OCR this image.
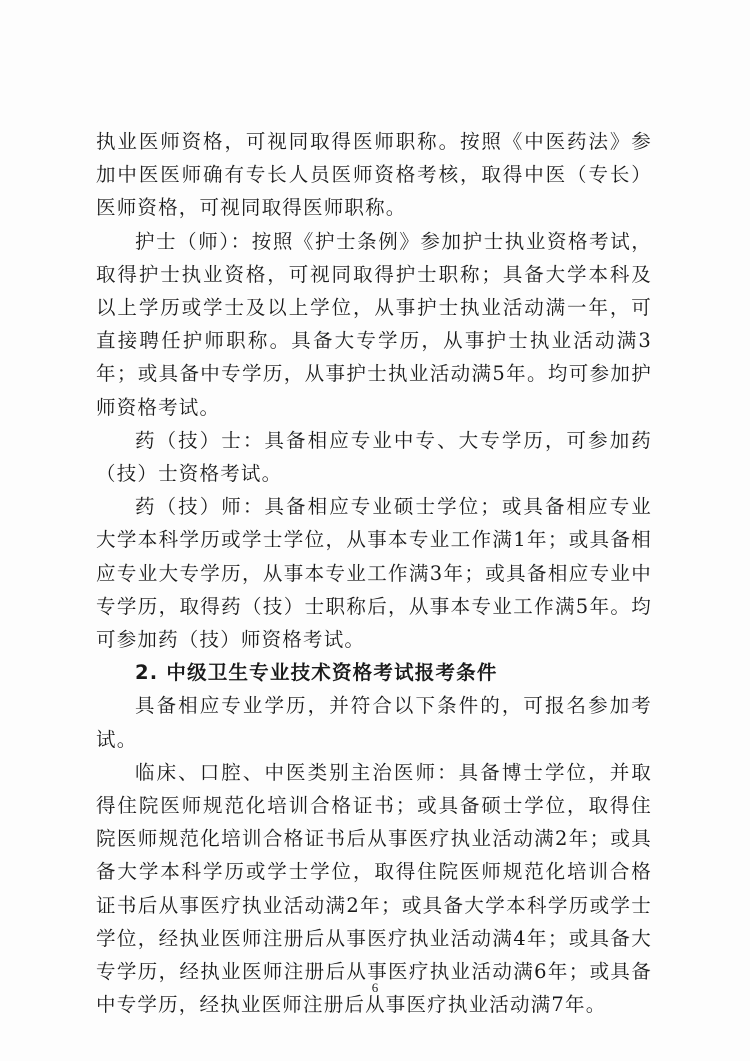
执业医师资格，可视同取得医师职称。按照《中医药法》参加中医医师确有专长人员医师资格考核，取得中医（专长）医师资格，可视同取得医师职称。

护士（师）：按照《护士条例》参加护士执业资格考试，取得护士执业资格，可视同取得护士职称；具备大学本科及以上学历或学士及以上学位，从事护士执业活动满一年，可直接聘任护师职称。具备大专学历，从事护士执业活动满3年；或具备中专学历，从事护士执业活动满5年。均可参加护师资格考试。

药（技）士：具备相应专业中专、大专学历，可参加药（技）士资格考试。

药（技）师：具备相应专业硕士学位；或具备相应专业大学本科学历或学士学位，从事本专业工作满1年；或具备相应专业大专学历，从事本专业工作满3年；或具备相应专业中专学历，取得药（技）士职称后，从事本专业工作满5年。均可参加药（技）师资格考试。

2. 中级卫生专业技术资格考试报考条件

具备相应专业学历，并符合以下条件的，可报名参加考试。

临床、口腔、中医类别主治医师：具备博士学位，并取得住院医师规范化培训合格证书；或具备硕士学位，取得住院医师规范化培训合格证书后从事医疗执业活动满2年；或具备大学本科学历或学士学位，取得住院医师规范化培训合格证书后从事医疗执业活动满2年；或具备大学本科学历或学士学位，经执业医师注册后从事医疗执业活动满4年；或具备大专学历，经执业医师注册后从事医疗执业活动满6年；或具备中专学历，经执业医师注册后从事医疗执业活动满7年。

6
